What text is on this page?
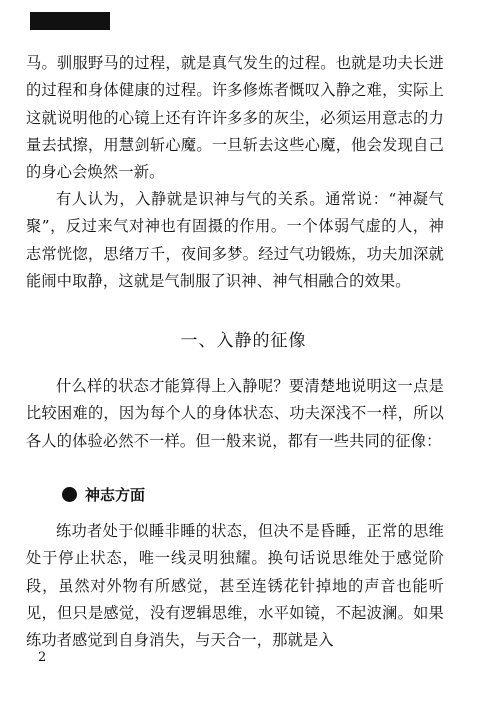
马。驯服野马的过程，就是真气发生的过程。也就是功夫长进的过程和身体健康的过程。许多修炼者慨叹入静之难，实际上这就说明他的心镜上还有许许多多的灰尘，必须运用意志的力量去拭擦，用慧剑斩心魔。一旦斩去这些心魔，他会发现自己的身心会焕然一新。
有人认为，入静就是识神与气的关系。通常说：“神凝气聚”，反过来气对神也有固摄的作用。一个体弱气虚的人，神志常恍惚，思绪万千，夜间多梦。经过气功锻炼，功夫加深就能闹中取静，这就是气制服了识神、神气相融合的效果。
一、入静的征像
什么样的状态才能算得上入静呢？要清楚地说明这一点是比较困难的，因为每个人的身体状态、功夫深浅不一样，所以各人的体验必然不一样。但一般来说，都有一些共同的征像：
神志方面
练功者处于似睡非睡的状态，但决不是昏睡，正常的思维处于停止状态，唯一线灵明独耀。换句话说思维处于感觉阶段，虽然对外物有所感觉，甚至连锈花针掉地的声音也能听见，但只是感觉，没有逻辑思维，水平如镜，不起波澜。如果练功者感觉到自身消失，与天合一，那就是入
2
